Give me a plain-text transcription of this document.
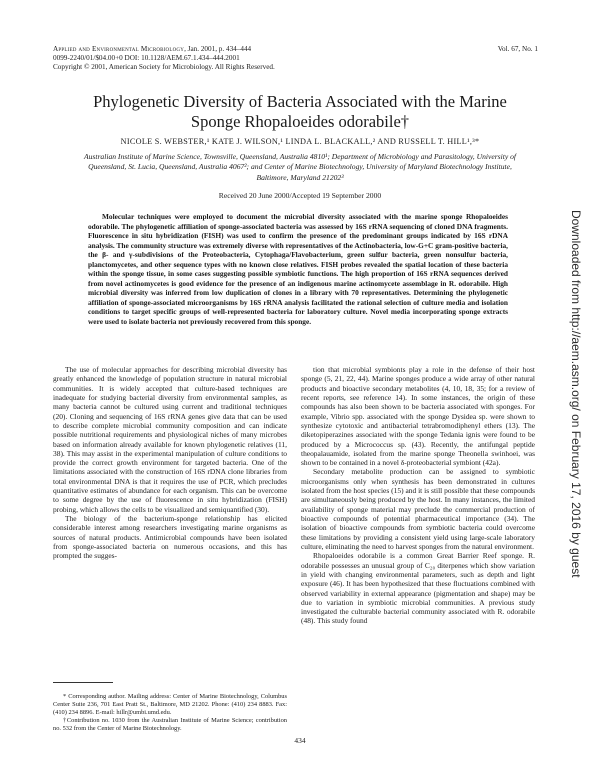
Applied and Environmental Microbiology, Jan. 2001, p. 434–444
0099-2240/01/$04.00+0 DOI: 10.1128/AEM.67.1.434–444.2001
Copyright © 2001, American Society for Microbiology. All Rights Reserved.
Vol. 67, No. 1
Phylogenetic Diversity of Bacteria Associated with the Marine
Sponge Rhopaloeides odorabile†
NICOLE S. WEBSTER,¹ KATE J. WILSON,¹ LINDA L. BLACKALL,² AND RUSSELL T. HILL¹,³*
Australian Institute of Marine Science, Townsville, Queensland, Australia 4810¹; Department of Microbiology and Parasitology, University of Queensland, St. Lucia, Queensland, Australia 4067²; and Center of Marine Biotechnology, University of Maryland Biotechnology Institute, Baltimore, Maryland 21202³
Received 20 June 2000/Accepted 19 September 2000
Molecular techniques were employed to document the microbial diversity associated with the marine sponge Rhopaloeides odorabile. The phylogenetic affiliation of sponge-associated bacteria was assessed by 16S rRNA sequencing of cloned DNA fragments. Fluorescence in situ hybridization (FISH) was used to confirm the presence of the predominant groups indicated by 16S rDNA analysis. The community structure was extremely diverse with representatives of the Actinobacteria, low-G+C gram-positive bacteria, the β- and γ-subdivisions of the Proteobacteria, Cytophaga/Flavobacterium, green sulfur bacteria, green nonsulfur bacteria, planctomycetes, and other sequence types with no known close relatives. FISH probes revealed the spatial location of these bacteria within the sponge tissue, in some cases suggesting possible symbiotic functions. The high proportion of 16S rRNA sequences derived from novel actinomycetes is good evidence for the presence of an indigenous marine actinomycete assemblage in R. odorabile. High microbial diversity was inferred from low duplication of clones in a library with 70 representatives. Determining the phylogenetic affiliation of sponge-associated microorganisms by 16S rRNA analysis facilitated the rational selection of culture media and isolation conditions to target specific groups of well-represented bacteria for laboratory culture. Novel media incorporating sponge extracts were used to isolate bacteria not previously recovered from this sponge.

The use of molecular approaches for describing microbial diversity has greatly enhanced the knowledge of population structure in natural microbial communities. It is widely accepted that culture-based techniques are inadequate for studying bacterial diversity from environmental samples, as many bacteria cannot be cultured using current and traditional techniques (20). Cloning and sequencing of 16S rRNA genes give data that can be used to describe complete microbial community composition and can indicate possible nutritional requirements and physiological niches of many microbes based on information already available for known phylogenetic relatives (11, 38). This may assist in the experimental manipulation of culture conditions to provide the correct growth environment for targeted bacteria. One of the limitations associated with the construction of 16S rDNA clone libraries from total environmental DNA is that it requires the use of PCR, which precludes quantitative estimates of abundance for each organism. This can be overcome to some degree by the use of fluorescence in situ hybridization (FISH) probing, which allows the cells to be visualized and semiquantified (30).

The biology of the bacterium-sponge relationship has elicited considerable interest among researchers investigating marine organisms as sources of natural products. Antimicrobial compounds have been isolated from sponge-associated bacteria on numerous occasions, and this has prompted the sugges-

tion that microbial symbionts play a role in the defense of their host sponge (5, 21, 22, 44). Marine sponges produce a wide array of other natural products and bioactive secondary metabolites (4, 10, 18, 35; for a review of recent reports, see reference 14). In some instances, the origin of these compounds has also been shown to be bacteria associated with sponges. For example, Vibrio spp. associated with the sponge Dysidea sp. were shown to synthesize cytotoxic and antibacterial tetrabromodiphenyl ethers (13). The diketopiperazines associated with the sponge Tedania ignis were found to be produced by a Micrococcus sp. (43). Recently, the antifungal peptide theopalauamide, isolated from the marine sponge Theonella swinhoei, was shown to be contained in a novel δ-proteobacterial symbiont (42a).

Secondary metabolite production can be assigned to symbiotic microorganisms only when synthesis has been demonstrated in cultures isolated from the host species (15) and it is still possible that these compounds are simultaneously being produced by the host. In many instances, the limited availability of sponge material may preclude the commercial production of bioactive compounds of potential pharmaceutical importance (34). The isolation of bioactive compounds from symbiotic bacteria could overcome these limitations by providing a consistent yield using large-scale laboratory culture, eliminating the need to harvest sponges from the natural environment.

Rhopaloeides odorabile is a common Great Barrier Reef sponge. R. odorabile possesses an unusual group of C₂₀ diterpenes which show variation in yield with changing environmental parameters, such as depth and light exposure (46). It has been hypothesized that these fluctuations combined with observed variability in external appearance (pigmentation and shape) may be due to variation in symbiotic microbial communities. A previous study investigated the culturable bacterial community associated with R. odorabile (48). This study found

* Corresponding author. Mailing address: Center of Marine Biotechnology, Columbus Center Suite 236, 701 East Pratt St., Baltimore, MD 21202. Phone: (410) 234 8883. Fax: (410) 234 8896. E-mail: hillr@umbi.umd.edu.

†Contribution no. 1030 from the Australian Institute of Marine Science; contribution no. 532 from the Center of Marine Biotechnology.

434
Downloaded from http://aem.asm.org/ on February 17, 2016 by guest
